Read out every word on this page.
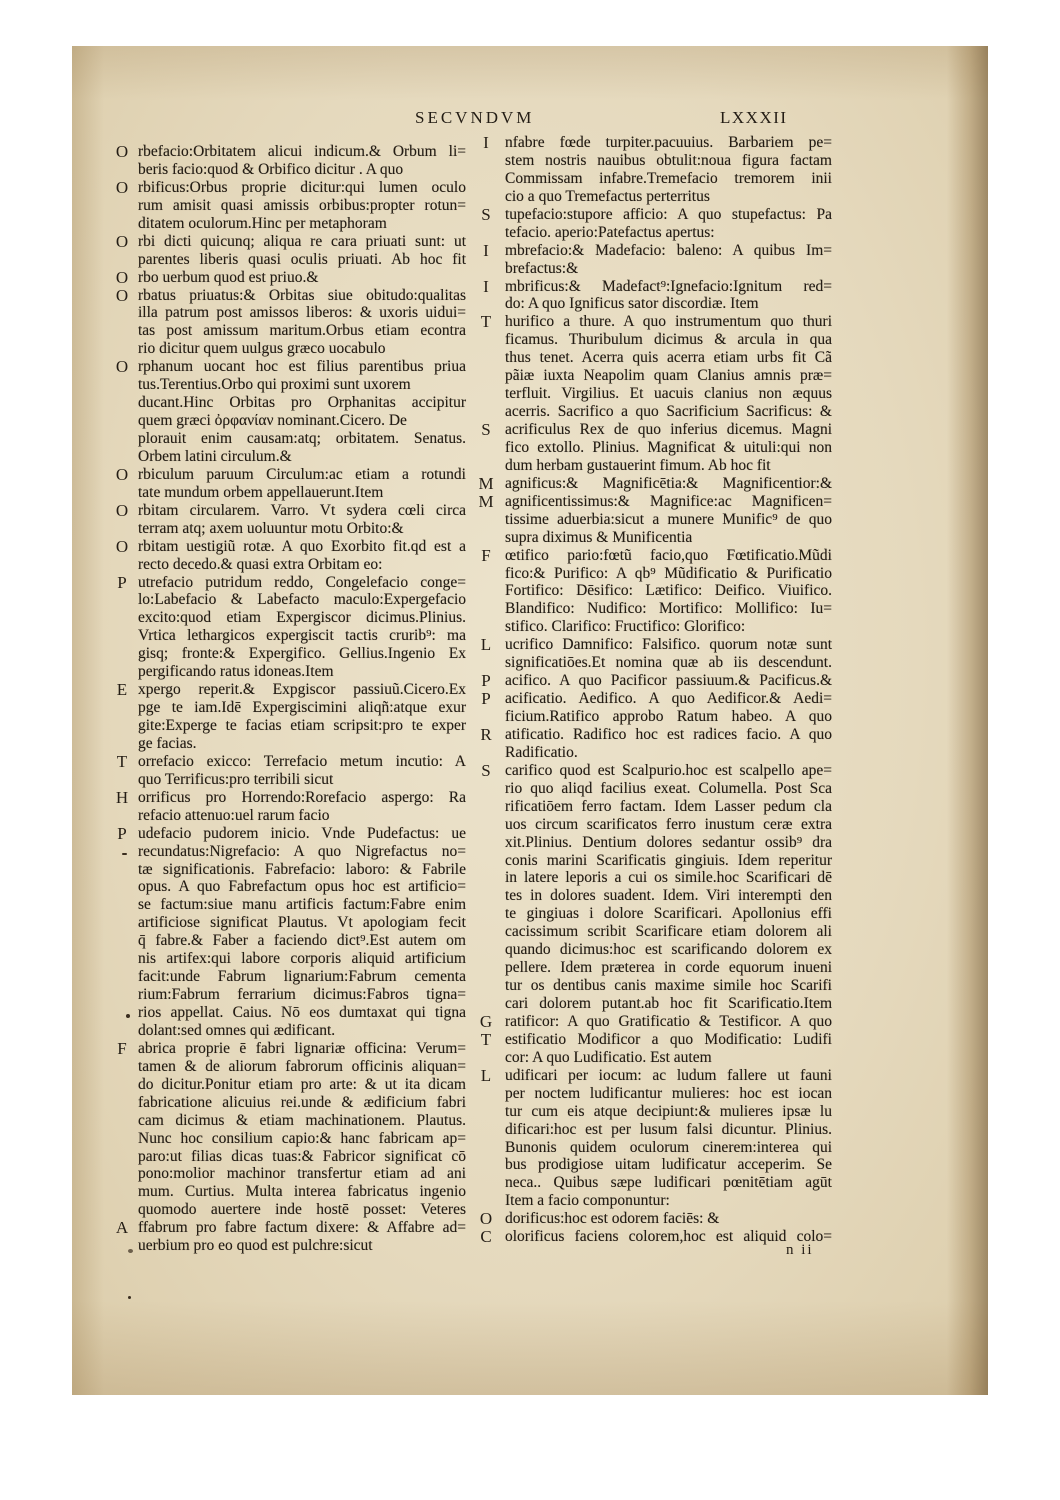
SECVNDVM	LXXXII
O rbefacio:Orbitatem alicui indicum.& Orbum li=
beris facio:quod & Orbifico dicitur . A quo
O rbificus:Orbus proprie dicitur:qui lumen oculo
rum amisit quasi amissis orbibus:propter rotun=
ditatem oculorum.Hinc per metaphoram
O rbi dicti quicunq; aliqua re cara priuati sunt: ut
parentes liberis quasi oculis priuati. Ab hoc fit
O rbo uerbum quod est priuo.&
O rbatus priuatus:& Orbitas siue obitudo:qualitas
illa patrum post amissos liberos: & uxoris uidui=
tas post amissum maritum.Orbus etiam econtra
rio dicitur quem uulgus græco uocabulo
O rphanum uocant hoc est filius parentibus priua
tus.Terentius.Orbo qui proximi sunt uxorem
ducant.Hinc Orbitas pro Orphanitas accipitur
quem græci ὀρφανίαν nominant.Cicero. De
plorauit enim causam:atq; orbitatem. Senatus.
Orbem latini circulum.&
O rbiculum paruum Circulum:ac etiam a rotundi
tate mundum orbem appellauerunt.Item
O rbitam circularem. Varro. Vt sydera cœli circa
terram atq; axem uoluuntur motu Orbito:&
O rbitam uestigiũ rotæ. A quo Exorbito fit.qd est a
recto decedo.& quasi extra Orbitam eo:
P utrefacio putridum reddo, Congelefacio conge=
lo:Labefacio & Labefacto maculo:Expergefacio
excito:quod etiam Expergiscor dicimus.Plinius.
Vrtica lethargicos expergiscit tactis crurib⁹: ma
gisq; fronte:& Expergifico. Gellius.Ingenio Ex
pergificando ratus idoneas.Item
E xpergo reperit.& Expgiscor passiuũ.Cicero.Ex
pge te iam.Idē Expergiscimini aliqñ:atque exur
gite:Experge te facias etiam scripsit:pro te exper
ge facias.
T orrefacio exicco: Terrefacio metum incutio: A
quo Terrificus:pro terribili sicut
H orrificus pro Horrendo:Rorefacio aspergo: Ra
refacio attenuo:uel rarum facio
P udefacio pudorem inicio. Vnde Pudefactus: ue
recundatus:Nigrefacio: A quo Nigrefactus no=
tæ significationis. Fabrefacio: laboro: & Fabrile
opus. A quo Fabrefactum opus hoc est artificio=
se factum:siue manu artificis factum:Fabre enim
artificiose significat Plautus. Vt apologiam fecit
q̄ fabre.& Faber a faciendo dict⁹.Est autem om
nis artifex:qui labore corporis aliquid artificium
facit:unde Fabrum lignarium:Fabrum cementa
rium:Fabrum ferrarium dicimus:Fabros tigna=
rios appellat. Caius. Nō eos dumtaxat qui tigna
dolant:sed omnes qui ædificant.
F abrica proprie ē fabri lignariæ officina: Verum=
tamen & de aliorum fabrorum officinis aliquan=
do dicitur.Ponitur etiam pro arte: & ut ita dicam
fabricatione alicuius rei.unde & ædificium fabri
cam dicimus & etiam machinationem. Plautus.
Nunc hoc consilium capio:& hanc fabricam ap=
paro:ut filias dicas tuas:& Fabricor significat cō
pono:molior machinor transfertur etiam ad ani
mum. Curtius. Multa interea fabricatus ingenio
quomodo auertere inde hostē posset: Veteres
A ffabrum pro fabre factum dixere: & Affabre ad=
uerbium pro eo quod est pulchre:sicut
I	nfabre fœde turpiter.pacuuius. Barbariem pe=
stem nostris nauibus obtulit:noua figura factam
Commissam infabre.Tremefacio tremorem inii
cio a quo Tremefactus perterritus
S tupefacio:stupore afficio: A quo stupefactus: Pa
tefacio. aperio:Patefactus apertus:
I	mbrefacio:& Madefacio: baleno: A quibus Im=
brefactus:&
I	mbrificus:& Madefact⁹:Ignefacio:Ignitum red=
do: A quo Ignificus sator discordiæ. Item
T hurifico a thure. A quo instrumentum quo thuri
ficamus. Thuribulum dicimus & arcula in qua
thus tenet. Acerra quis acerra etiam urbs fit Cã
pãiæ iuxta Neapolim quam Clanius amnis præ=
terfluit. Virgilius. Et uacuis clanius non æquus
acerris. Sacrifico a quo Sacrificium Sacrificus: &
S acrificulus Rex de quo inferius dicemus. Magni
fico extollo. Plinius. Magnificat & uituli:qui non
dum herbam gustauerint fimum. Ab hoc fit
M agnificus:& Magnificētia:& Magnificentior:&
M agnificentissimus:& Magnifice:ac Magnificen=
tissime aduerbia:sicut a munere Munific⁹ de quo
supra diximus & Munificentia
F œtifico pario:fœtũ facio,quo Fœtificatio.Mũdi
fico:& Purifico: A qb⁹ Mũdificatio & Purificatio
Fortifico: Dēsifico: Lætifico: Deifico. Viuifico.
Blandifico: Nudifico: Mortifico: Mollifico: Iu=
stifico. Clarifico: Fructifico: Glorifico:
L ucrifico Damnifico: Falsifico. quorum notæ sunt
significatiōes.Et nomina quæ ab iis descendunt.
P acifico. A quo Pacificor passiuum.& Pacificus.&
P acificatio. Aedifico. A quo Aedificor.& Aedi=
ficium.Ratifico approbo Ratum habeo. A quo
R atificatio. Radifico hoc est radices facio. A quo
Radificatio.
S carifico quod est Scalpurio.hoc est scalpello ape=
rio quo aliqd facilius exeat. Columella. Post Sca
rificatiōem ferro factam. Idem Lasser pedum cla
uos circum scarificatos ferro inustum ceræ extra
xit.Plinius. Dentium dolores sedantur ossib⁹ dra
conis marini Scarificatis gingiuis. Idem reperitur
in latere leporis a cui os simile.hoc Scarificari dē
tes in dolores suadent. Idem. Viri interempti den
te gingiuas i dolore Scarificari. Apollonius effi
cacissimum scribit Scarificare etiam dolorem ali
quando dicimus:hoc est scarificando dolorem ex
pellere. Idem præterea in corde equorum inueni
tur os dentibus canis maxime simile hoc Scarifi
cari dolorem putant.ab hoc fit Scarificatio.Item
G ratificor: A quo Gratificatio & Testificor. A quo
T estificatio Modificor a quo Modificatio: Ludifi
cor: A quo Ludificatio. Est autem
L udificari per iocum: ac ludum fallere ut fauni
per noctem ludificantur mulieres: hoc est iocan
tur cum eis atque decipiunt:& mulieres ipsæ lu
dificari:hoc est per lusum falsi dicuntur. Plinius.
Bunonis quidem oculorum cinerem:interea qui
bus prodigiose uitam ludificatur acceperim. Se
neca.. Quibus sæpe ludificari pœnitētiam agūt
Item a facio componuntur:
O dorificus:hoc est odorem faciēs: &
C olorificus faciens colorem,hoc est aliquid colo=
n ii
